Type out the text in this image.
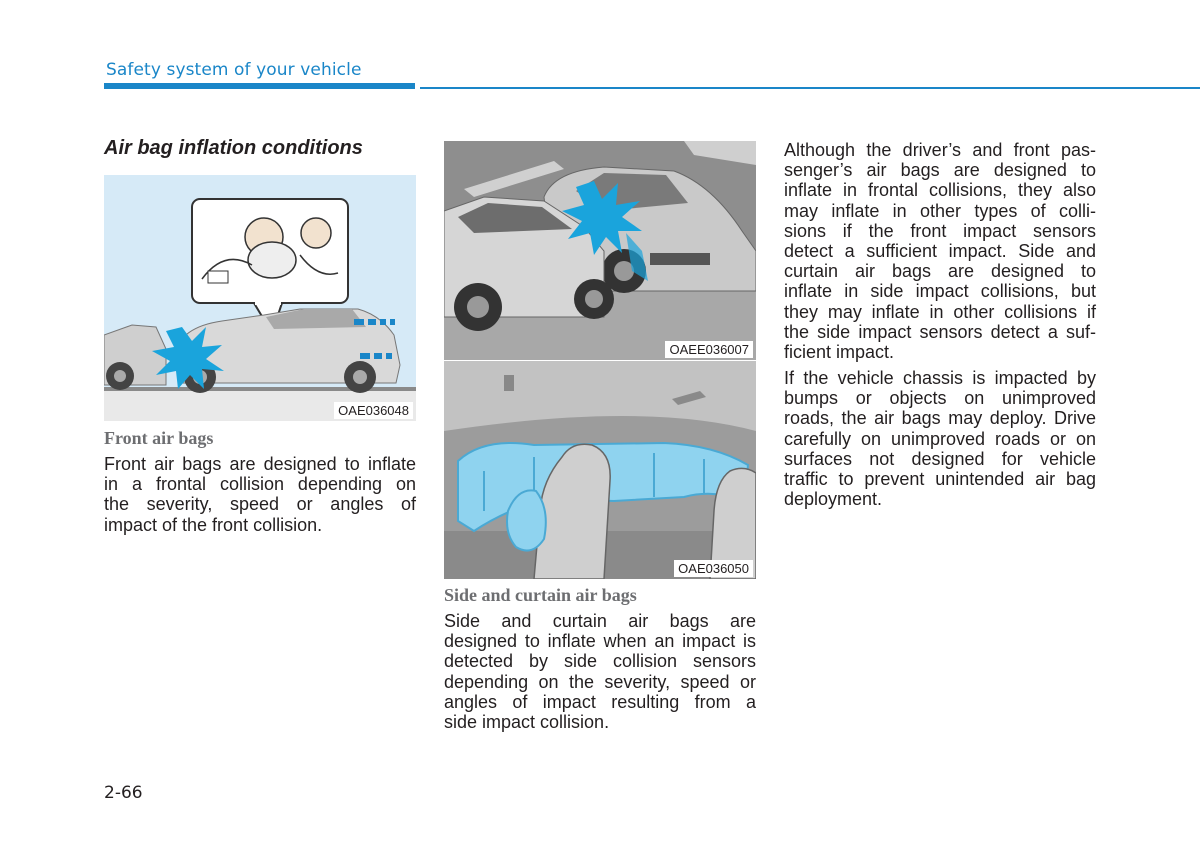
Safety system of your vehicle
Air bag inflation conditions
OAE036048
Front air bags
Front air bags are designed to inflate
in a frontal collision depending on
the severity, speed or angles of
impact of the front collision.
OAEE036007
OAE036050
Side and curtain air bags
Side and curtain air bags are
designed to inflate when an impact is
detected by side collision sensors
depending on the severity, speed or
angles of impact resulting from a
side impact collision.
Although the driver’s and front pas-
senger’s air bags are designed to
inflate in frontal collisions, they also
may inflate in other types of colli-
sions if the front impact sensors
detect a sufficient impact. Side and
curtain air bags are designed to
inflate in side impact collisions, but
they may inflate in other collisions if
the side impact sensors detect a suf-
ficient impact.
If the vehicle chassis is impacted by
bumps or objects on unimproved
roads, the air bags may deploy. Drive
carefully on unimproved roads or on
surfaces not designed for vehicle
traffic to prevent unintended air bag
deployment.
2-66
